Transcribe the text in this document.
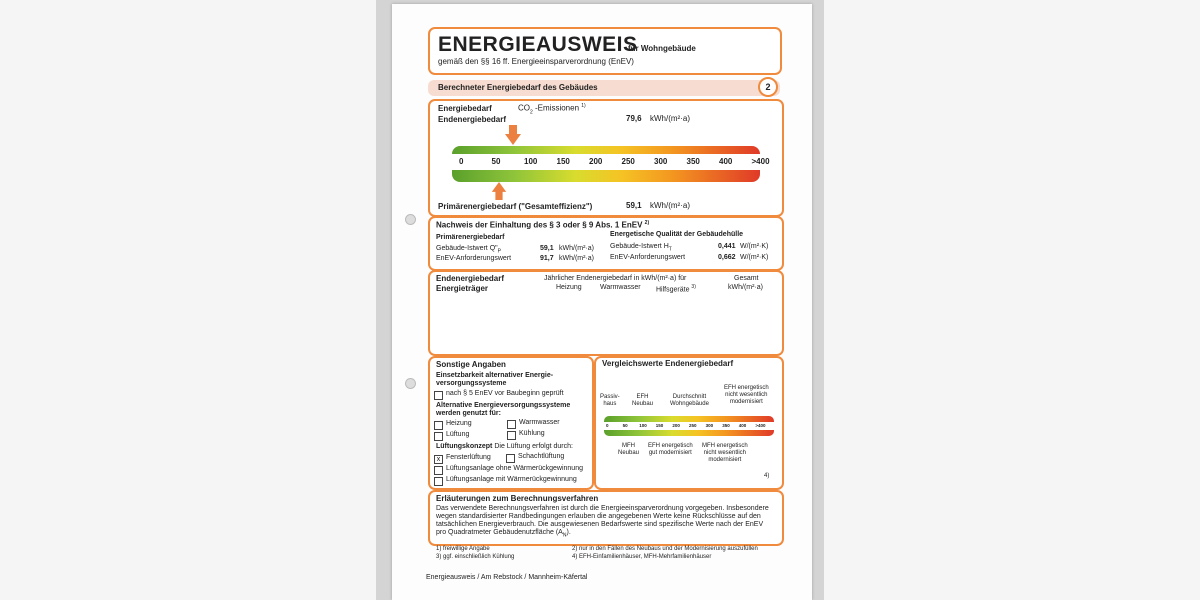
ENERGIEAUSWEIS
für Wohngebäude
gemäß den §§ 16 ff. Energieeinsparverordnung (EnEV)
Berechneter Energiebedarf des Gebäudes	2
Energiebedarf	$CO_2$ -Emissionen $^{1)}$
Endenergiebedarf	79,6 kWh/(m²·a)
0	50	100 150 200 250 300 350 400 >400
Primärenergiebedarf ("Gesamteffizienz")	59,1 kWh/(m²·a)
Nachweis der Einhaltung des § 3 oder § 9 Abs. 1 EnEV $^{2)}$
Primärenergiebedarf
Gebäude-Istwert $Q"_P$	59,1 kWh/(m²·a)
EnEV-Anforderungswert	91,7 kWh/(m²·a)
Energetische Qualität der Gebäudehülle
Gebäude-Istwert $H_T$	0,441 W/(m²·K)
EnEV-Anforderungswert	0,662 W/(m²·K)
Endenergiebedarf
Energieträger
Jährlicher Endenergiebedarf in kWh/(m²·a) für
Heizung	Warmwasser Hilfsgeräte $^{3)}$
Gesamt
kWh/(m²·a)
Sonstige Angaben
Einsetzbarkeit alternativer Energie-
versorgungssysteme
nach § 5 EnEV vor Baubeginn geprüft
Alternative Energieversorgungssysteme
werden genutzt für:
Heizung	Warmwasser
Lüftung	Kühlung
Lüftungskonzept Die Lüftung erfolgt durch:
x Fensterlüftung	Schachtlüftung
Lüftungsanlage ohne Wärmerückgewinnung
Lüftungsanlage mit Wärmerückgewinnung
Vergleichswerte Endenergiebedarf
Passiv-
haus
EFH
Neubau
Durchschnitt
Wohngebäude
EFH energetisch
nicht wesentlich
modernisiert
0	50	100 150 200 250 300 350 400 >400
MFH
Neubau
EFH energetisch
gut modernisiert
MFH energetisch
nicht wesentlich
modernisiert
4)
Erläuterungen zum Berechnungsverfahren
Das verwendete Berechnungsverfahren ist durch die Energieeinsparverordnung vorgegeben. Insbesondere
wegen standardisierter Randbedingungen erlauben die angegebenen Werte keine Rückschlüsse auf den
tatsächlichen Energieverbrauch. Die ausgewiesenen Bedarfswerte sind spezifische Werte nach der EnEV
pro Quadratmeter Gebäudenutzfläche $(A_N)$.
1) freiwillige Angabe	2) nur in den Fällen des Neubaus und der Modernisierung auszufüllen
3) ggf. einschließlich Kühlung	4) EFH-Einfamilienhäuser, MFH-Mehrfamilienhäuser
Energieausweis / Am Rebstock / Mannheim-Käfertal
